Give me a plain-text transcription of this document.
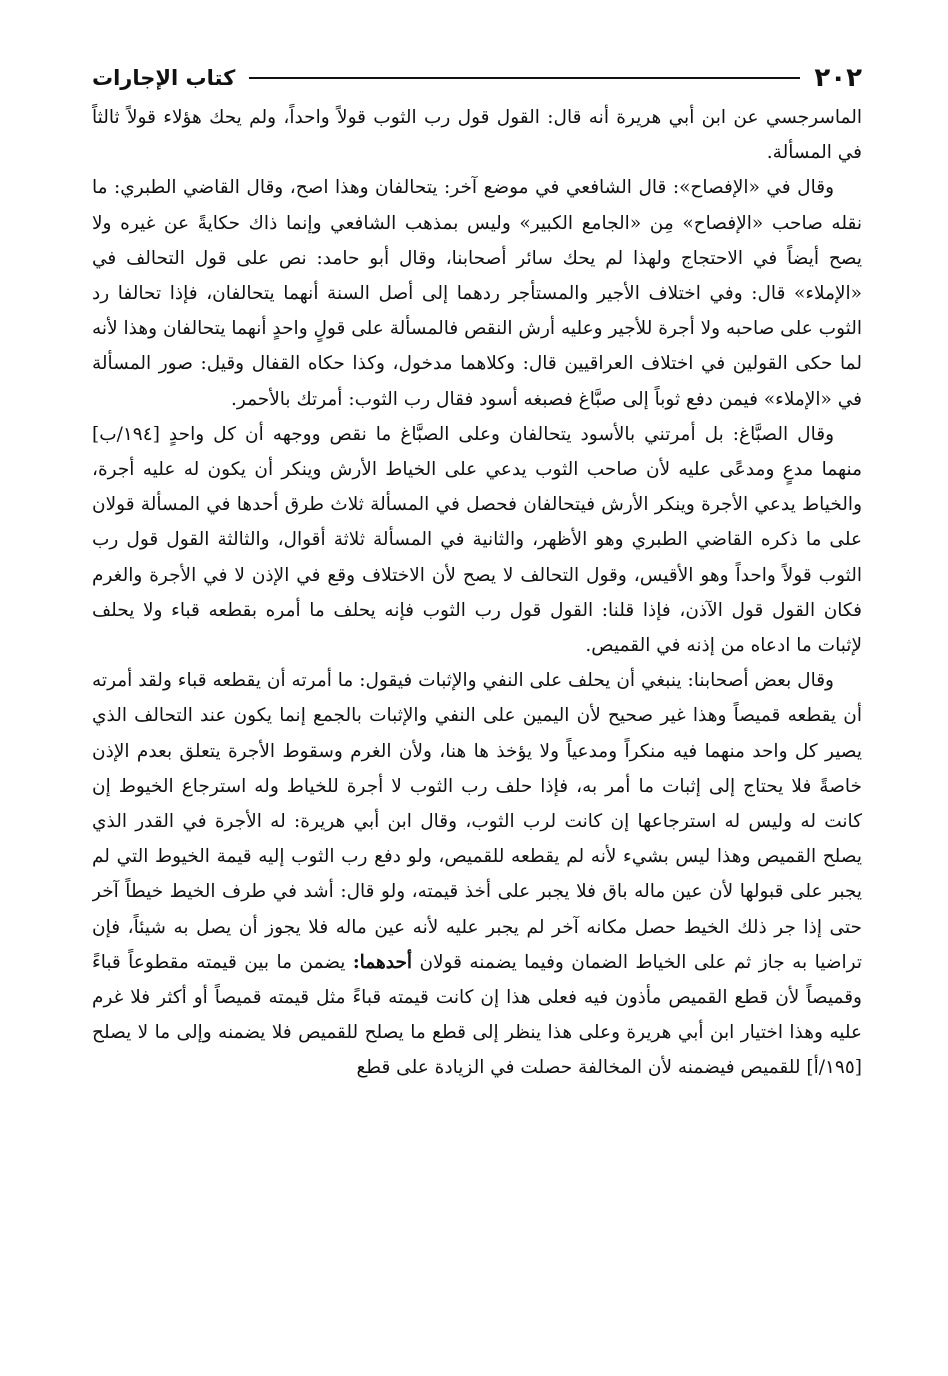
٢٠٢
كتاب الإجارات

الماسرجسي عن ابن أبي هريرة أنه قال: القول قول رب الثوب قولاً واحداً، ولم يحك هؤلاء قولاً ثالثاً في المسألة.

وقال في «الإفصاح»: قال الشافعي في موضع آخر: يتحالفان وهذا اصح، وقال القاضي الطبري: ما نقله صاحب «الإفصاح» مِن «الجامع الكبير» وليس بمذهب الشافعي وإنما ذاك حكايةً عن غيره ولا يصح أيضاً في الاحتجاج ولهذا لم يحك سائر أصحابنا، وقال أبو حامد: نص على قول التحالف في «الإملاء» قال: وفي اختلاف الأجير والمستأجر ردهما إلى أصل السنة أنهما يتحالفان، فإذا تحالفا رد الثوب على صاحبه ولا أجرة للأجير وعليه أرش النقص فالمسألة على قولٍ واحدٍ أنهما يتحالفان وهذا لأنه لما حكى القولين في اختلاف العراقيين قال: وكلاهما مدخول، وكذا حكاه القفال وقيل: صور المسألة في «الإملاء» فيمن دفع ثوباً إلى صبَّاغ فصبغه أسود فقال رب الثوب: أمرتك بالأحمر.

وقال الصبَّاغ: بل أمرتني بالأسود يتحالفان وعلى الصبَّاغ ما نقص ووجهه أن كل واحدٍ [١٩٤/ب] منهما مدعٍ ومدعًى عليه لأن صاحب الثوب يدعي على الخياط الأرش وينكر أن يكون له عليه أجرة، والخياط يدعي الأجرة وينكر الأرش فيتحالفان فحصل في المسألة ثلاث طرق أحدها في المسألة قولان على ما ذكره القاضي الطبري وهو الأظهر، والثانية في المسألة ثلاثة أقوال، والثالثة القول قول رب الثوب قولاً واحداً وهو الأقيس، وقول التحالف لا يصح لأن الاختلاف وقع في الإذن لا في الأجرة والغرم فكان القول قول الآذن، فإذا قلنا: القول قول رب الثوب فإنه يحلف ما أمره بقطعه قباء ولا يحلف لإثبات ما ادعاه من إذنه في القميص.

وقال بعض أصحابنا: ينبغي أن يحلف على النفي والإثبات فيقول: ما أمرته أن يقطعه قباء ولقد أمرته أن يقطعه قميصاً وهذا غير صحيح لأن اليمين على النفي والإثبات بالجمع إنما يكون عند التحالف الذي يصير كل واحد منهما فيه منكراً ومدعياً ولا يؤخذ ها هنا، ولأن الغرم وسقوط الأجرة يتعلق بعدم الإذن خاصةً فلا يحتاج إلى إثبات ما أمر به، فإذا حلف رب الثوب لا أجرة للخياط وله استرجاع الخيوط إن كانت له وليس له استرجاعها إن كانت لرب الثوب، وقال ابن أبي هريرة: له الأجرة في القدر الذي يصلح القميص وهذا ليس بشيء لأنه لم يقطعه للقميص، ولو دفع رب الثوب إليه قيمة الخيوط التي لم يجبر على قبولها لأن عين ماله باق فلا يجبر على أخذ قيمته، ولو قال: أشد في طرف الخيط خيطاً آخر حتى إذا جر ذلك الخيط حصل مكانه آخر لم يجبر عليه لأنه عين ماله فلا يجوز أن يصل به شيئاً، فإن تراضيا به جاز ثم على الخياط الضمان وفيما يضمنه قولان أحدهما: يضمن ما بين قيمته مقطوعاً قباءً وقميصاً لأن قطع القميص مأذون فيه فعلى هذا إن كانت قيمته قباءً مثل قيمته قميصاً أو أكثر فلا غرم عليه وهذا اختيار ابن أبي هريرة وعلى هذا ينظر إلى قطع ما يصلح للقميص فلا يضمنه وإلى ما لا يصلح [١٩٥/أ] للقميص فيضمنه لأن المخالفة حصلت في الزيادة على قطع
